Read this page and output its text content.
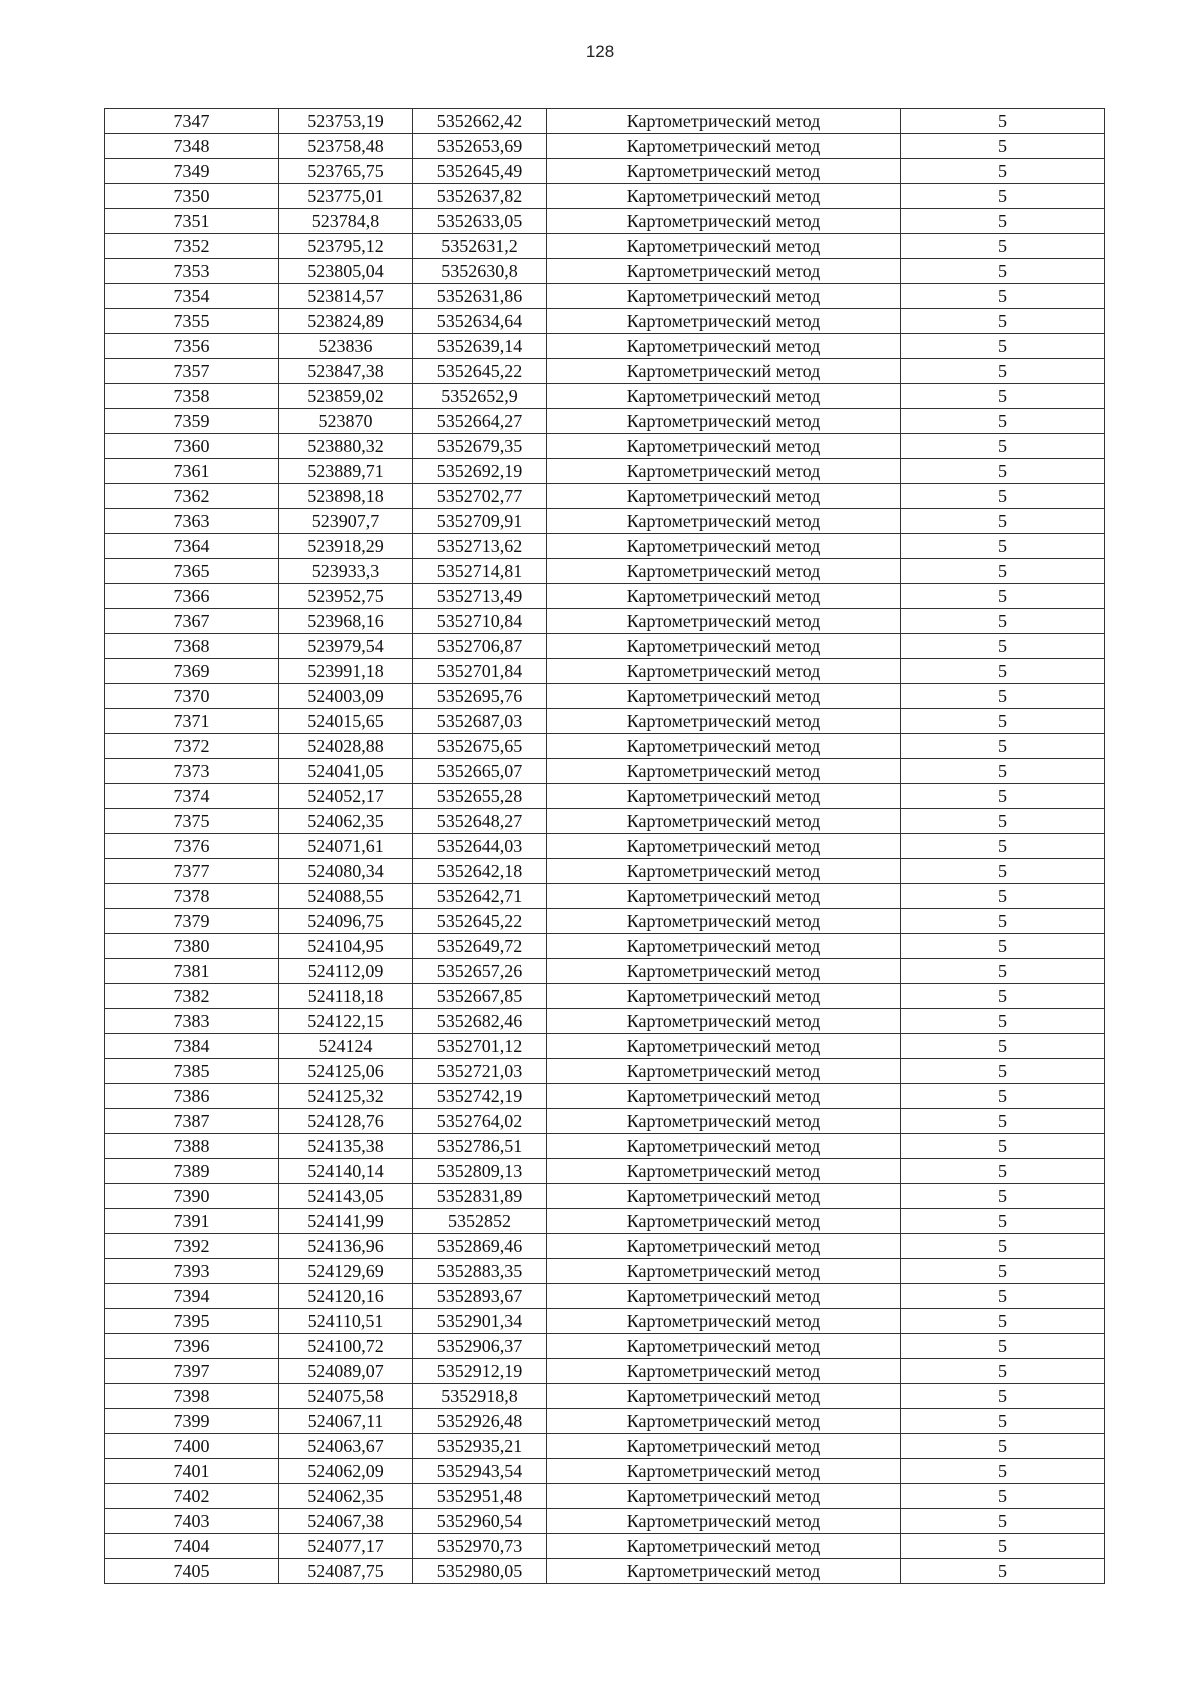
128
7347	523753,19	5352662,42	Картометрический метод	5
7348	523758,48	5352653,69	Картометрический метод	5
7349	523765,75	5352645,49	Картометрический метод	5
7350	523775,01	5352637,82	Картометрический метод	5
7351	523784,8	5352633,05	Картометрический метод	5
7352	523795,12	5352631,2	Картометрический метод	5
7353	523805,04	5352630,8	Картометрический метод	5
7354	523814,57	5352631,86	Картометрический метод	5
7355	523824,89	5352634,64	Картометрический метод	5
7356	523836	5352639,14	Картометрический метод	5
7357	523847,38	5352645,22	Картометрический метод	5
7358	523859,02	5352652,9	Картометрический метод	5
7359	523870	5352664,27	Картометрический метод	5
7360	523880,32	5352679,35	Картометрический метод	5
7361	523889,71	5352692,19	Картометрический метод	5
7362	523898,18	5352702,77	Картометрический метод	5
7363	523907,7	5352709,91	Картометрический метод	5
7364	523918,29	5352713,62	Картометрический метод	5
7365	523933,3	5352714,81	Картометрический метод	5
7366	523952,75	5352713,49	Картометрический метод	5
7367	523968,16	5352710,84	Картометрический метод	5
7368	523979,54	5352706,87	Картометрический метод	5
7369	523991,18	5352701,84	Картометрический метод	5
7370	524003,09	5352695,76	Картометрический метод	5
7371	524015,65	5352687,03	Картометрический метод	5
7372	524028,88	5352675,65	Картометрический метод	5
7373	524041,05	5352665,07	Картометрический метод	5
7374	524052,17	5352655,28	Картометрический метод	5
7375	524062,35	5352648,27	Картометрический метод	5
7376	524071,61	5352644,03	Картометрический метод	5
7377	524080,34	5352642,18	Картометрический метод	5
7378	524088,55	5352642,71	Картометрический метод	5
7379	524096,75	5352645,22	Картометрический метод	5
7380	524104,95	5352649,72	Картометрический метод	5
7381	524112,09	5352657,26	Картометрический метод	5
7382	524118,18	5352667,85	Картометрический метод	5
7383	524122,15	5352682,46	Картометрический метод	5
7384	524124	5352701,12	Картометрический метод	5
7385	524125,06	5352721,03	Картометрический метод	5
7386	524125,32	5352742,19	Картометрический метод	5
7387	524128,76	5352764,02	Картометрический метод	5
7388	524135,38	5352786,51	Картометрический метод	5
7389	524140,14	5352809,13	Картометрический метод	5
7390	524143,05	5352831,89	Картометрический метод	5
7391	524141,99	5352852	Картометрический метод	5
7392	524136,96	5352869,46	Картометрический метод	5
7393	524129,69	5352883,35	Картометрический метод	5
7394	524120,16	5352893,67	Картометрический метод	5
7395	524110,51	5352901,34	Картометрический метод	5
7396	524100,72	5352906,37	Картометрический метод	5
7397	524089,07	5352912,19	Картометрический метод	5
7398	524075,58	5352918,8	Картометрический метод	5
7399	524067,11	5352926,48	Картометрический метод	5
7400	524063,67	5352935,21	Картометрический метод	5
7401	524062,09	5352943,54	Картометрический метод	5
7402	524062,35	5352951,48	Картометрический метод	5
7403	524067,38	5352960,54	Картометрический метод	5
7404	524077,17	5352970,73	Картометрический метод	5
7405	524087,75	5352980,05	Картометрический метод	5
